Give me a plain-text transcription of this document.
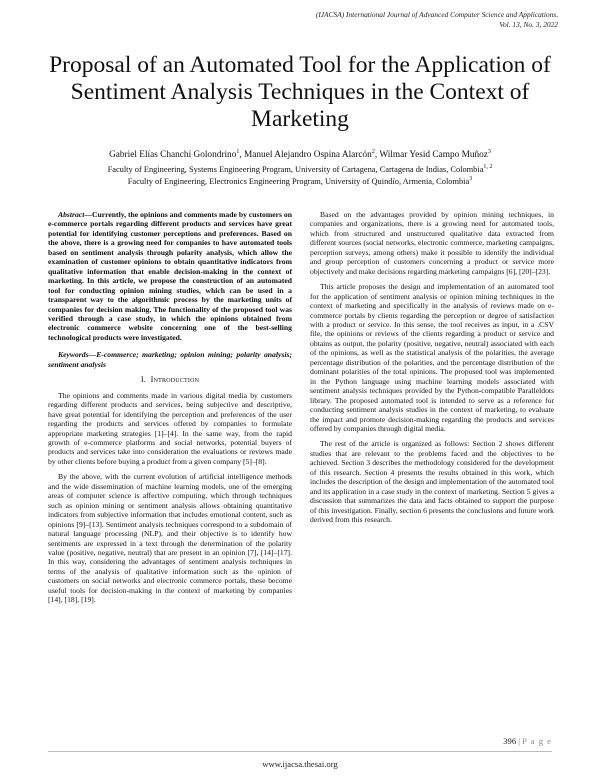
(IJACSA) International Journal of Advanced Computer Science and Applications,
Vol. 13, No. 3, 2022
Proposal of an Automated Tool for the Application of
Sentiment Analysis Techniques in the Context of
Marketing
Gabriel Elías Chanchí Golondrino$^1$, Manuel Alejandro Ospina Alarcón$^2$, Wilmar Yesid Campo Muñoz$^3$
Faculty of Engineering, Systems Engineering Program, University of Cartagena, Cartagena de Indias, Colombia$^{1, 2}$
Faculty of Engineering, Electronics Engineering Program, University of Quindío, Armenia, Colombia$^3$

Abstract—Currently, the opinions and comments made by customers on e-commerce portals regarding different products and services have great potential for identifying customer perceptions and preferences. Based on the above, there is a growing need for companies to have automated tools based on sentiment analysis through polarity analysis, which allow the examination of customer opinions to obtain quantitative indicators from qualitative information that enable decision-making in the context of marketing. In this article, we propose the construction of an automated tool for conducting opinion mining studies, which can be used in a transparent way to the algorithmic process by the marketing units of companies for decision making. The functionality of the proposed tool was verified through a case study, in which the opinions obtained from electronic commerce website concerning one of the best-selling technological products were investigated.

Keywords—E-commerce; marketing; opinion mining; polarity analysis; sentiment analysis

I. Introduction

The opinions and comments made in various digital media by customers regarding different products and services, being subjective and descriptive, have great potential for identifying the perception and preferences of the user regarding the products and services offered by companies to formulate appropriate marketing strategies [1]–[4]. In the same way, from the rapid growth of e-commerce platforms and social networks, potential buyers of products and services take into consideration the evaluations or reviews made by other clients before buying a product from a given company [5]–[8].

By the above, with the current evolution of artificial intelligence methods and the wide dissemination of machine learning models, one of the emerging areas of computer science is affective computing, which through techniques such as opinion mining or sentiment analysis allows obtaining quantitative indicators from subjective information that includes emotional content, such as opinions [9]–[13]. Sentiment analysis techniques correspond to a subdomain of natural language processing (NLP), and their objective is to identify how sentiments are expressed in a text through the determination of the polarity value (positive, negative, neutral) that are present in an opinion [7], [14]–[17]. In this way, considering the advantages of sentiment analysis techniques in terms of the analysis of qualitative information such as the opinion of customers on social networks and electronic commerce portals, these become useful tools for decision-making in the context of marketing by companies [14], [18], [19].

Based on the advantages provided by opinion mining techniques, in companies and organizations, there is a growing need for automated tools, which from structured and unstructured qualitative data extracted from different sources (social networks, electronic commerce, marketing campaigns, perception surveys, among others) make it possible to identify the individual and group perception of customers concerning a product or service more objectively and make decisions regarding marketing campaigns [6], [20]–[23].

This article proposes the design and implementation of an automated tool for the application of sentiment analysis or opinion mining techniques in the context of marketing and specifically in the analysis of reviews made on e-commerce portals by clients regarding the perception or degree of satisfaction with a product or service. In this sense, the tool receives as input, in a .CSV file, the opinions or reviews of the clients regarding a product or service and obtains as output, the polarity (positive, negative, neutral) associated with each of the opinions, as well as the statistical analysis of the polarities, the average percentage distribution of the polarities, and the percentage distribution of the dominant polarities of the total opinions. The proposed tool was implemented in the Python language using machine learning models associated with sentiment analysis techniques provided by the Python-compatible Paralleldots library. The proposed automated tool is intended to serve as a reference for conducting sentiment analysis studies in the context of marketing, to evaluate the impact and promote decision-making regarding the products and services offered by companies through digital media.

The rest of the article is organized as follows: Section 2 shows different studies that are relevant to the problems faced and the objectives to be achieved. Section 3 describes the methodology considered for the development of this research. Section 4 presents the results obtained in this work, which includes the description of the design and implementation of the automated tool and its application in a case study in the context of marketing. Section 5 gives a discussion that summarizes the data and facts obtained to support the purpose of this investigation. Finally, section 6 presents the conclusions and future work derived from this research.

396 | P a g e
www.ijacsa.thesai.org
